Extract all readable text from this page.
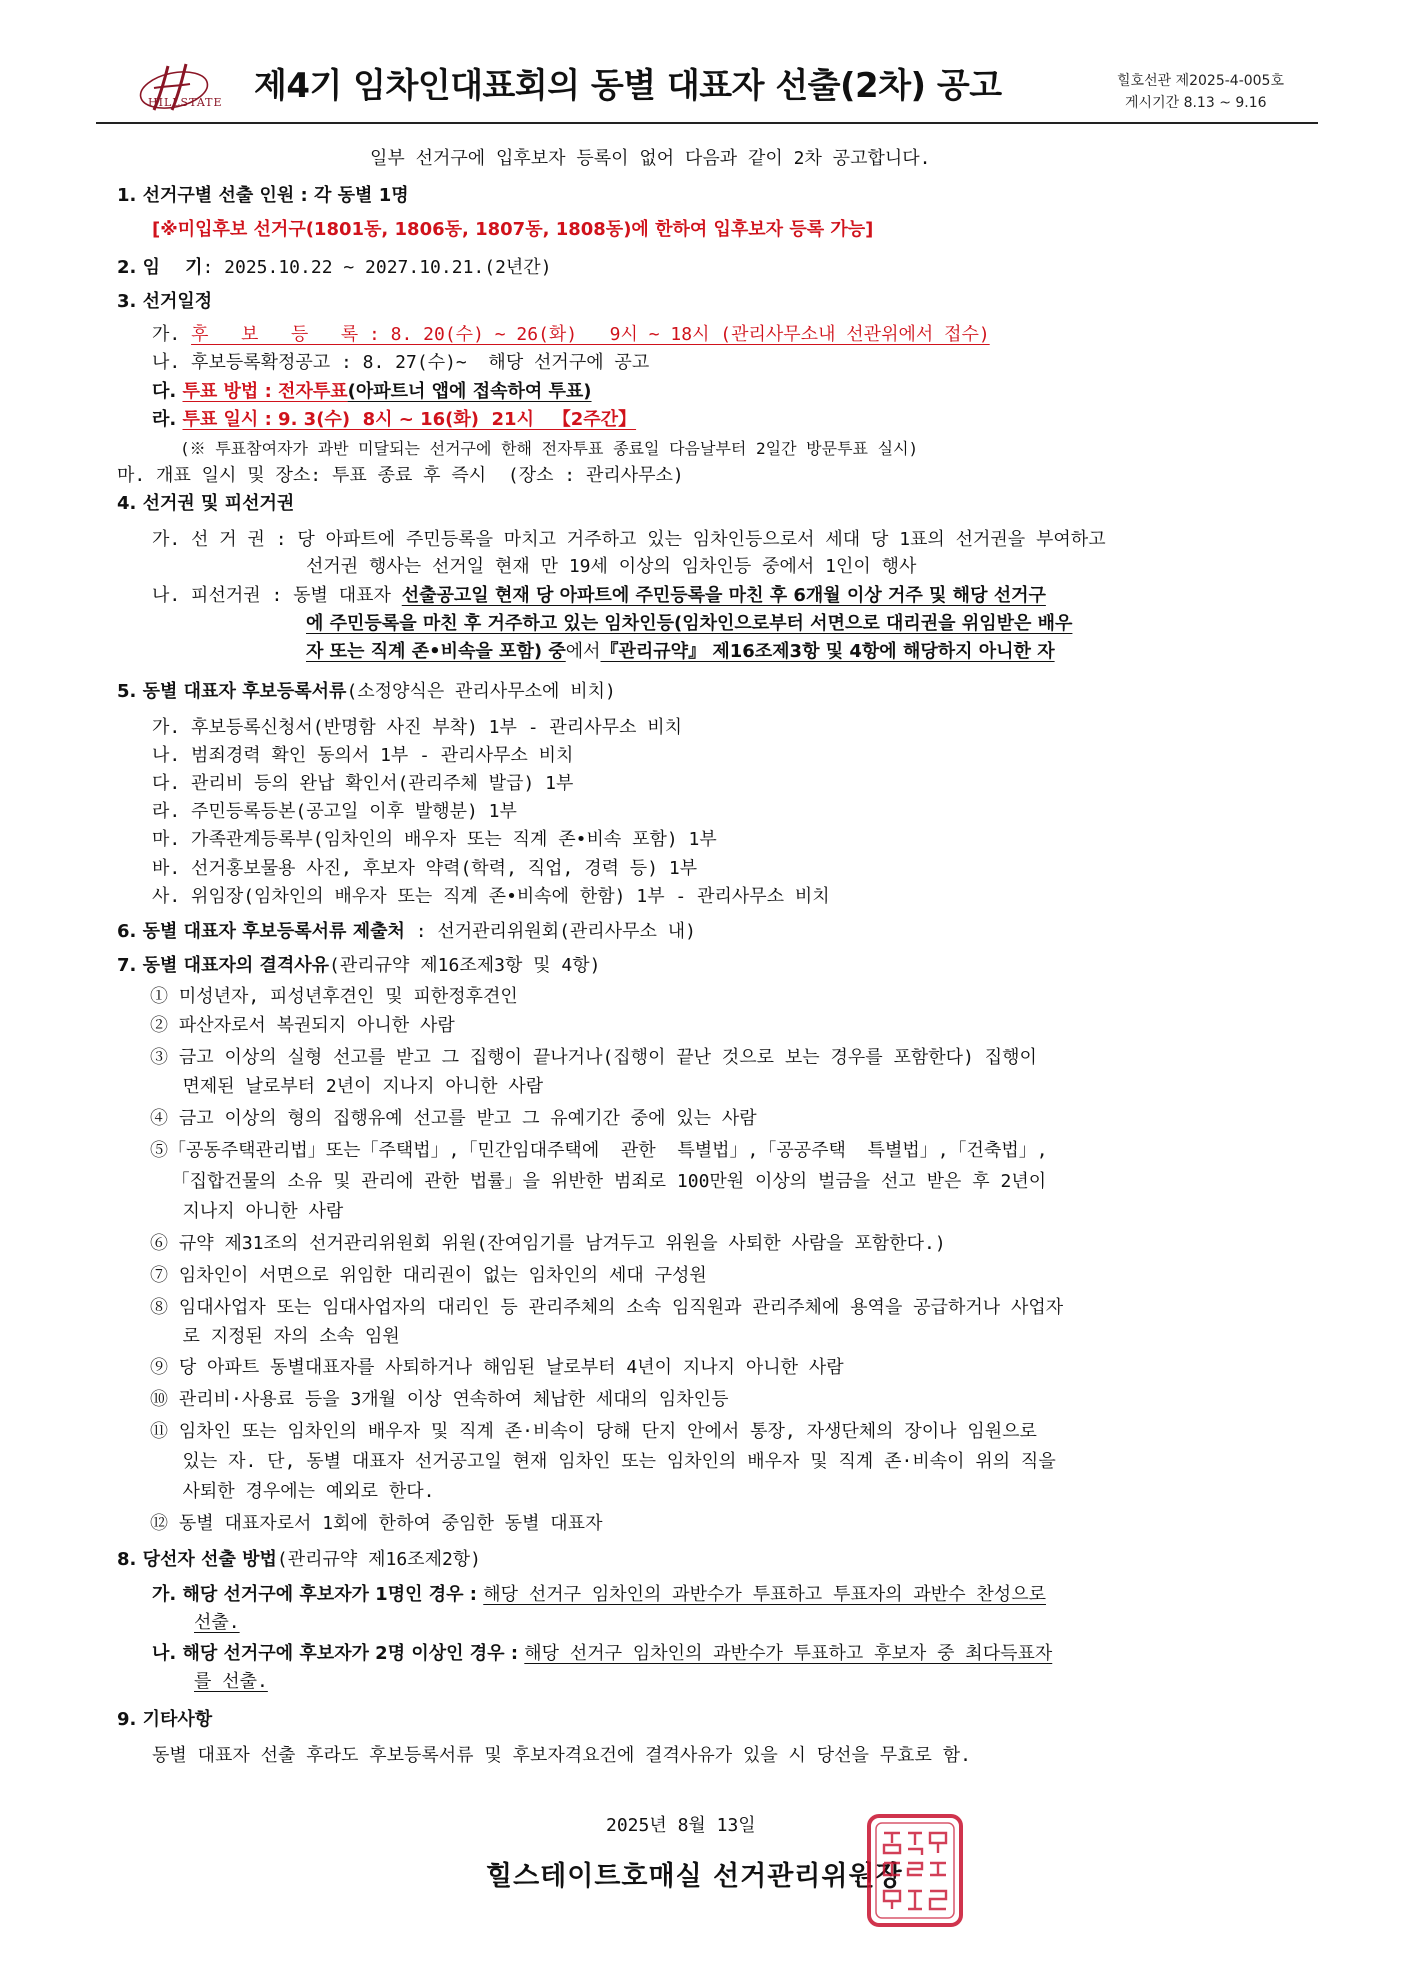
HILLSTATE 제4기 임차인대표회의 동별 대표자 선출(2차) 공고	힐호선관 제2025-4-005호
게시기간 8.13 ~ 9.16
일부 선거구에 입후보자 등록이 없어 다음과 같이 2차 공고합니다.
1. 선거구별 선출 인원 : 각 동별 1명
[※미입후보 선거구(1801동, 1806동, 1807동, 1808동)에 한하여 입후보자 등록 가능]
2. 임    기: 2025.10.22 ~ 2027.10.21.(2년간)
3. 선거일정
가. 후   보   등   록 : 8. 20(수) ~ 26(화)   9시 ~ 18시 (관리사무소내 선관위에서 접수)
나. 후보등록확정공고 : 8. 27(수)~  해당 선거구에 공고
다. 투표 방법 : 전자투표(아파트너 앱에 접속하여 투표)
라. 투표 일시 : 9. 3(수)  8시 ~ 16(화)  21시   【2주간】
(※ 투표참여자가 과반 미달되는 선거구에 한해 전자투표 종료일 다음날부터 2일간 방문투표 실시)
마. 개표 일시 및 장소: 투표 종료 후 즉시  (장소 : 관리사무소)
4. 선거권 및 피선거권
가. 선 거 권 : 당 아파트에 주민등록을 마치고 거주하고 있는 임차인등으로서 세대 당 1표의 선거권을 부여하고
선거권 행사는 선거일 현재 만 19세 이상의 임차인등 중에서 1인이 행사
나. 피선거권 : 동별 대표자 선출공고일 현재 당 아파트에 주민등록을 마친 후 6개월 이상 거주 및 해당 선거구
에 주민등록을 마친 후 거주하고 있는 임차인등(임차인으로부터 서면으로 대리권을 위임받은 배우
자 또는 직계 존•비속을 포함) 중에서『관리규약』 제16조제3항 및 4항에 해당하지 아니한 자
5. 동별 대표자 후보등록서류(소정양식은 관리사무소에 비치)
가. 후보등록신청서(반명함 사진 부착) 1부 - 관리사무소 비치
나. 범죄경력 확인 동의서 1부 - 관리사무소 비치
다. 관리비 등의 완납 확인서(관리주체 발급) 1부
라. 주민등록등본(공고일 이후 발행분) 1부
마. 가족관계등록부(임차인의 배우자 또는 직계 존•비속 포함) 1부
바. 선거홍보물용 사진, 후보자 약력(학력, 직업, 경력 등) 1부
사. 위임장(임차인의 배우자 또는 직계 존•비속에 한함) 1부 - 관리사무소 비치
6. 동별 대표자 후보등록서류 제출처 : 선거관리위원회(관리사무소 내)
7. 동별 대표자의 결격사유(관리규약 제16조제3항 및 4항)
① 미성년자, 피성년후견인 및 피한정후견인
② 파산자로서 복권되지 아니한 사람
③ 금고 이상의 실형 선고를 받고 그 집행이 끝나거나(집행이 끝난 것으로 보는 경우를 포함한다) 집행이
면제된 날로부터 2년이 지나지 아니한 사람
④ 금고 이상의 형의 집행유예 선고를 받고 그 유예기간 중에 있는 사람
⑤「공동주택관리법」또는「주택법」,「민간임대주택에  관한  특별법」,「공공주택  특별법」,「건축법」,
「집합건물의 소유 및 관리에 관한 법률」을 위반한 범죄로 100만원 이상의 벌금을 선고 받은 후 2년이
지나지 아니한 사람
⑥ 규약 제31조의 선거관리위원회 위원(잔여임기를 남겨두고 위원을 사퇴한 사람을 포함한다.)
⑦ 임차인이 서면으로 위임한 대리권이 없는 임차인의 세대 구성원
⑧ 임대사업자 또는 임대사업자의 대리인 등 관리주체의 소속 임직원과 관리주체에 용역을 공급하거나 사업자
로 지정된 자의 소속 임원
⑨ 당 아파트 동별대표자를 사퇴하거나 해임된 날로부터 4년이 지나지 아니한 사람
⑩ 관리비·사용료 등을 3개월 이상 연속하여 체납한 세대의 임차인등
⑪ 임차인 또는 임차인의 배우자 및 직계 존·비속이 당해 단지 안에서 통장, 자생단체의 장이나 임원으로
있는 자. 단, 동별 대표자 선거공고일 현재 임차인 또는 임차인의 배우자 및 직계 존·비속이 위의 직을
사퇴한 경우에는 예외로 한다.
⑫ 동별 대표자로서 1회에 한하여 중임한 동별 대표자
8. 당선자 선출 방법(관리규약 제16조제2항)
가. 해당 선거구에 후보자가 1명인 경우 : 해당 선거구 임차인의 과반수가 투표하고 투표자의 과반수 찬성으로
선출.
나. 해당 선거구에 후보자가 2명 이상인 경우 : 해당 선거구 임차인의 과반수가 투표하고 후보자 중 최다득표자
를 선출.
9. 기타사항
동별 대표자 선출 후라도 후보등록서류 및 후보자격요건에 결격사유가 있을 시 당선을 무효로 함.
2025년 8월 13일
힐스테이트호매실 선거관리위원장
